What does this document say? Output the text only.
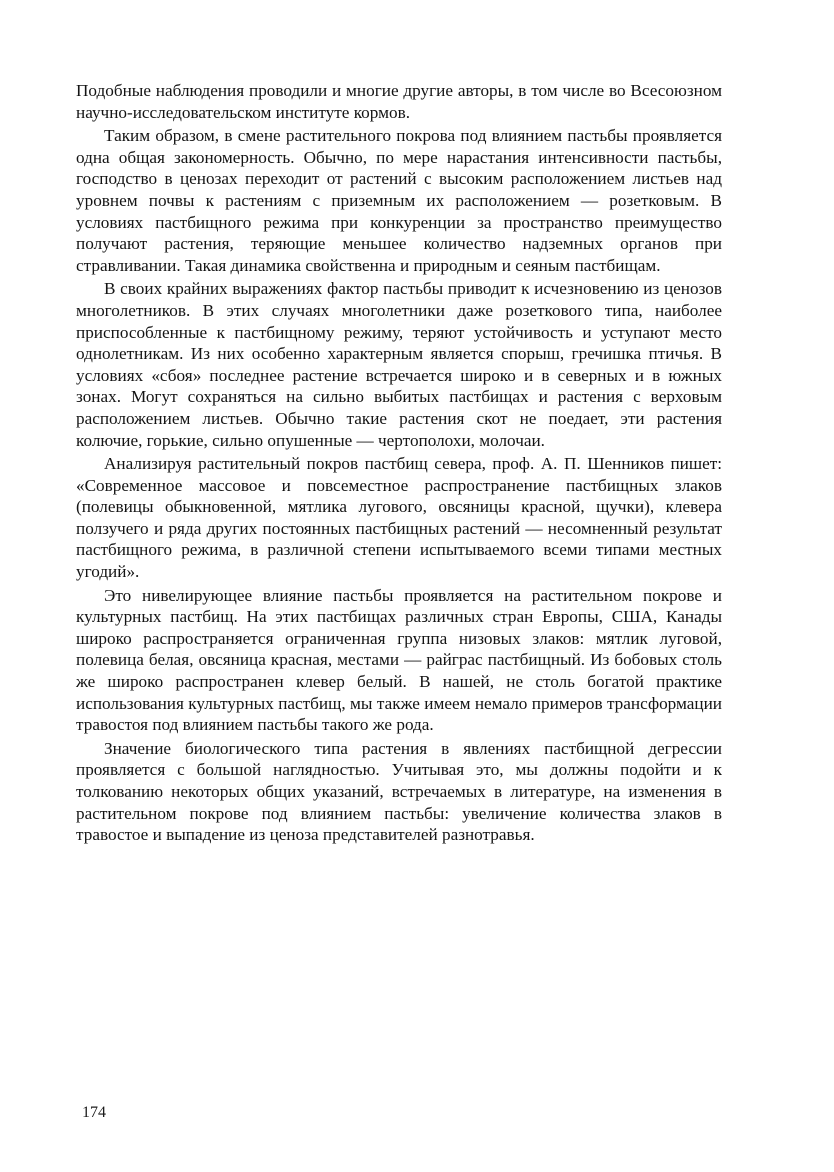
Подобные наблюдения проводили и многие другие авторы, в том числе во Всесоюзном научно-исследовательском институте кормов.

Таким образом, в смене растительного покрова под влиянием пастьбы проявляется одна общая закономерность. Обычно, по мере нарастания интенсивности пастьбы, господство в ценозах переходит от растений с высоким расположением листьев над уровнем почвы к растениям с приземным их расположением — розетковым. В условиях пастбищного режима при конкуренции за пространство преимущество получают растения, теряющие меньшее количество надземных органов при стравливании. Такая динамика свойственна и природным и сеяным пастбищам.

В своих крайних выражениях фактор пастьбы приводит к исчезновению из ценозов многолетников. В этих случаях многолетники даже розеткового типа, наиболее приспособленные к пастбищному режиму, теряют устойчивость и уступают место однолетникам. Из них особенно характерным является спорыш, гречишка птичья. В условиях «сбоя» последнее растение встречается широко и в северных и в южных зонах. Могут сохраняться на сильно выбитых пастбищах и растения с верховым расположением листьев. Обычно такие растения скот не поедает, эти растения колючие, горькие, сильно опушенные — чертополохи, молочаи.

Анализируя растительный покров пастбищ севера, проф. А. П. Шенников пишет: «Современное массовое и повсеместное распространение пастбищных злаков (полевицы обыкновенной, мятлика лугового, овсяницы красной, щучки), клевера ползучего и ряда других постоянных пастбищных растений — несомненный результат пастбищного режима, в различной степени испытываемого всеми типами местных угодий».

Это нивелирующее влияние пастьбы проявляется на растительном покрове и культурных пастбищ. На этих пастбищах различных стран Европы, США, Канады широко распространяется ограниченная группа низовых злаков: мятлик луговой, полевица белая, овсяница красная, местами — райграс пастбищный. Из бобовых столь же широко распространен клевер белый. В нашей, не столь богатой практике использования культурных пастбищ, мы также имеем немало примеров трансформации травостоя под влиянием пастьбы такого же рода.

Значение биологического типа растения в явлениях пастбищной дегрессии проявляется с большой наглядностью. Учитывая это, мы должны подойти и к толкованию некоторых общих указаний, встречаемых в литературе, на изменения в растительном покрове под влиянием пастьбы: увеличение количества злаков в травостое и выпадение из ценоза представителей разнотравья.

174
